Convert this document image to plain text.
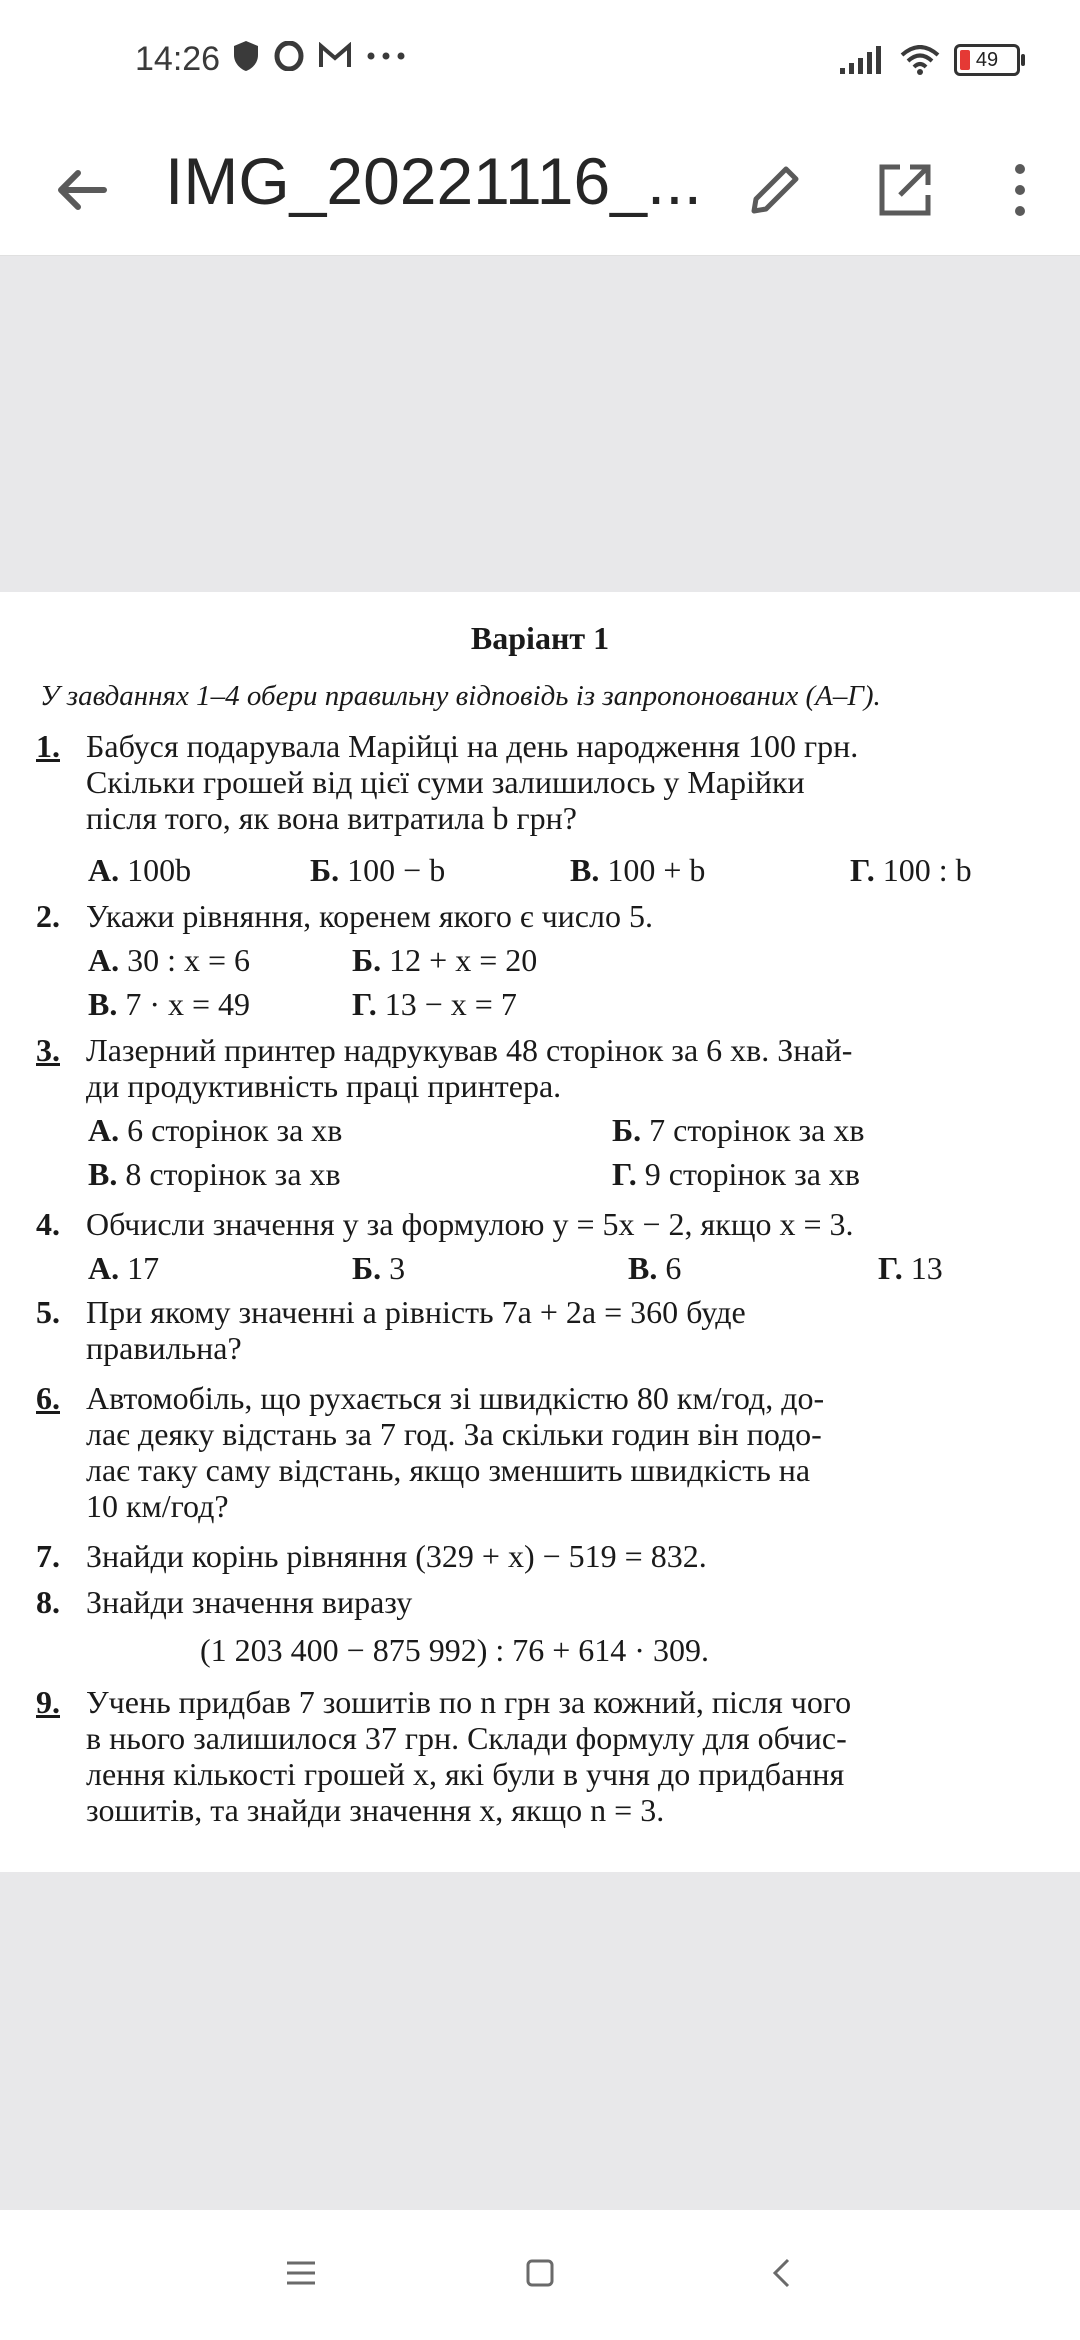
14:26	49
IMG_20221116_...
Варіант 1
У завданнях 1–4 обери правильну відповідь із запропонованих (А–Г).
1. Бабуся подарувала Марійці на день народження 100 грн.
Скільки грошей від цієї суми залишилось у Марійки
після того, як вона витратила b грн?
А. 100b	Б. 100 − b	В. 100 + b	Г. 100 : b
2. Укажи рівняння, коренем якого є число 5.
А. 30 : x = 6	Б. 12 + x = 20
В. 7 · x = 49	Г. 13 − x = 7
3. Лазерний принтер надрукував 48 сторінок за 6 хв. Знай-
ди продуктивність праці принтера.
А. 6 сторінок за хв	Б. 7 сторінок за хв
В. 8 сторінок за хв	Г. 9 сторінок за хв
4. Обчисли значення y за формулою y = 5x − 2, якщо x = 3.
А. 17	Б. 3	В. 6	Г. 13
5. При якому значенні a рівність 7a + 2a = 360 буде
правильна?
6. Автомобіль, що рухається зі швидкістю 80 км/год, до-
лає деяку відстань за 7 год. За скільки годин він подо-
лає таку саму відстань, якщо зменшить швидкість на
10 км/год?
7. Знайди корінь рівняння (329 + x) − 519 = 832.
8. Знайди значення виразу
(1 203 400 − 875 992) : 76 + 614 · 309.
9. Учень придбав 7 зошитів по n грн за кожний, після чого
в нього залишилося 37 грн. Склади формулу для обчис-
лення кількості грошей x, які були в учня до придбання
зошитів, та знайди значення x, якщо n = 3.
